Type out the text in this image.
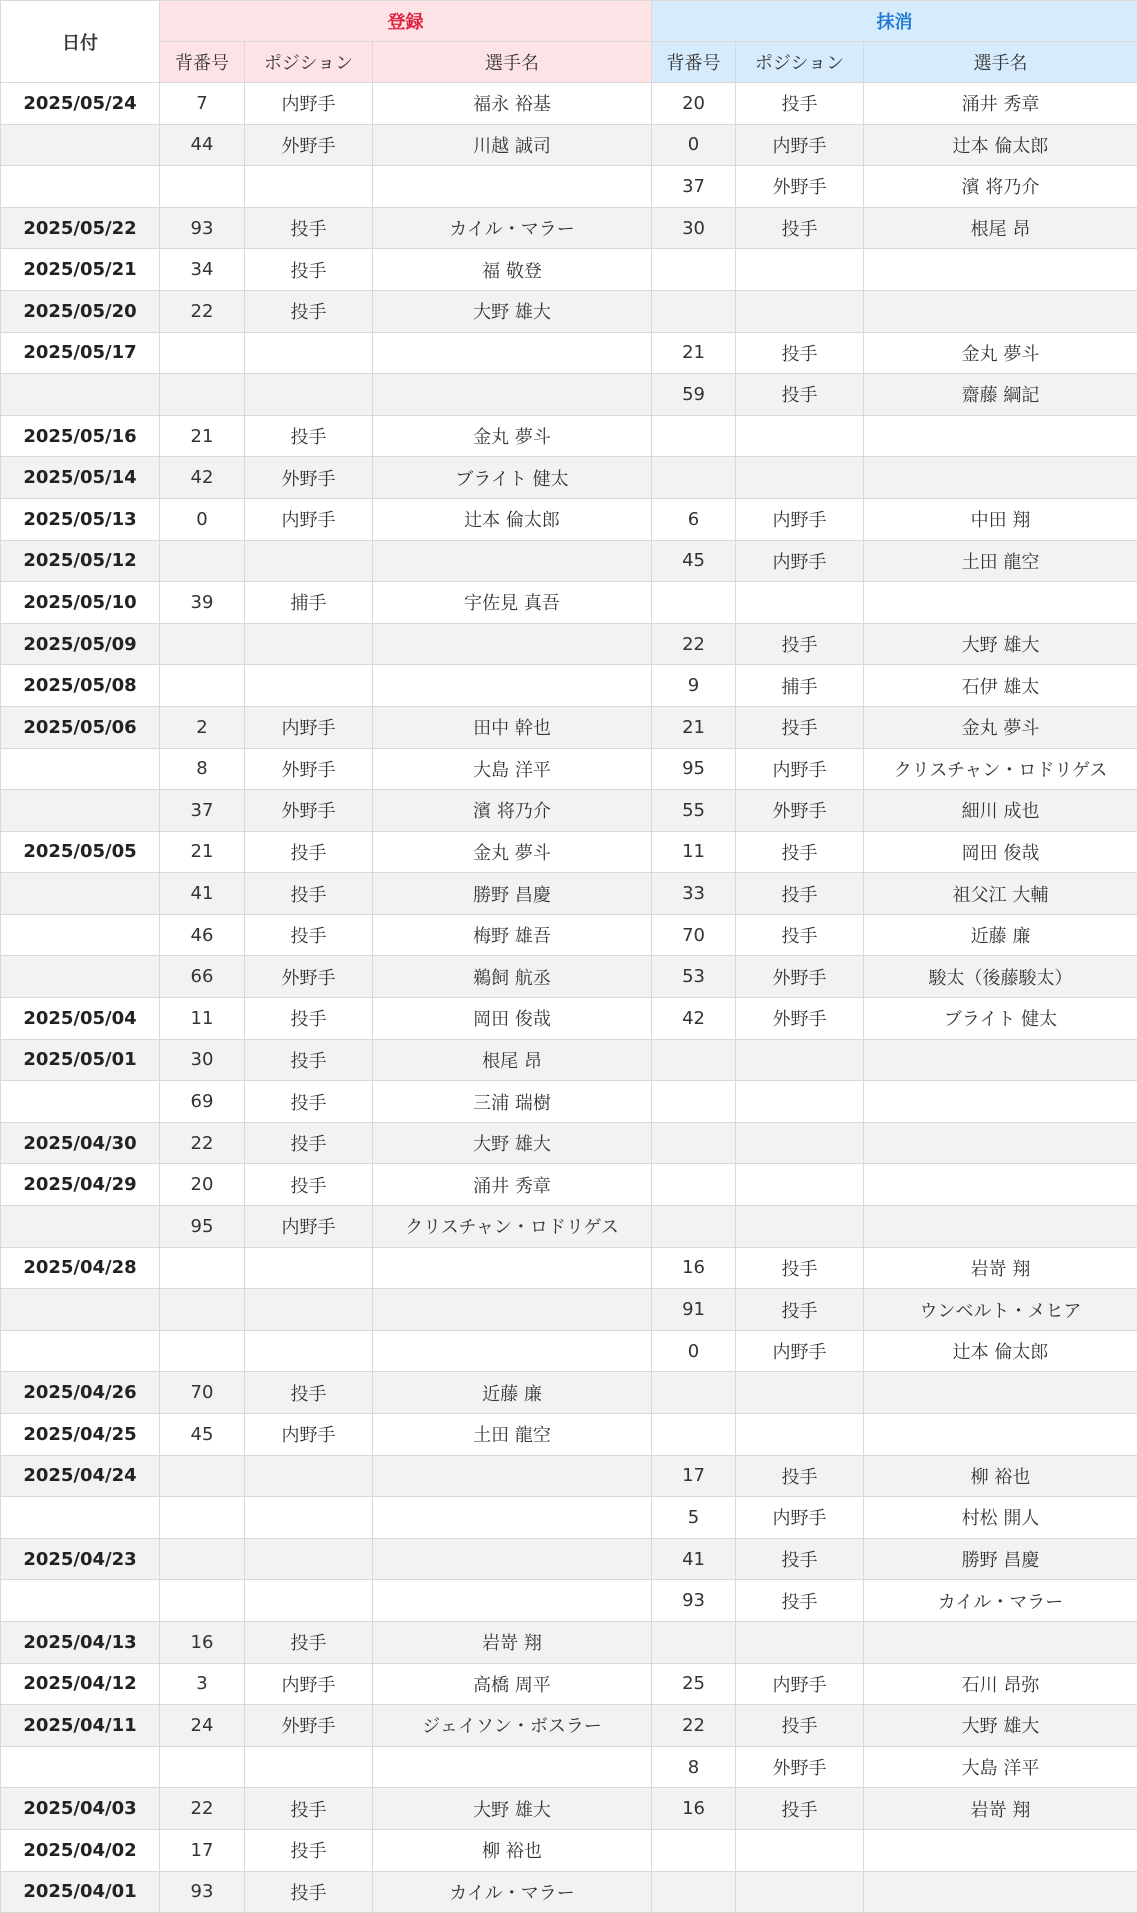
日付	登録			抹消		
	背番号	ポジション	選手名	背番号	ポジション	選手名
2025/05/24	7	内野手	福永 裕基	20	投手	涌井 秀章
	44	外野手	川越 誠司	0	内野手	辻本 倫太郎
				37	外野手	濱 将乃介
2025/05/22	93	投手	カイル・マラー	30	投手	根尾 昂
2025/05/21	34	投手	福 敬登			
2025/05/20	22	投手	大野 雄大			
2025/05/17				21	投手	金丸 夢斗
				59	投手	齋藤 綱記
2025/05/16	21	投手	金丸 夢斗			
2025/05/14	42	外野手	ブライト 健太			
2025/05/13	0	内野手	辻本 倫太郎	6	内野手	中田 翔
2025/05/12				45	内野手	土田 龍空
2025/05/10	39	捕手	宇佐見 真吾			
2025/05/09				22	投手	大野 雄大
2025/05/08				9	捕手	石伊 雄太
2025/05/06	2	内野手	田中 幹也	21	投手	金丸 夢斗
	8	外野手	大島 洋平	95	内野手	クリスチャン・ロドリゲス
	37	外野手	濱 将乃介	55	外野手	細川 成也
2025/05/05	21	投手	金丸 夢斗	11	投手	岡田 俊哉
	41	投手	勝野 昌慶	33	投手	祖父江 大輔
	46	投手	梅野 雄吾	70	投手	近藤 廉
	66	外野手	鵜飼 航丞	53	外野手	駿太（後藤駿太）
2025/05/04	11	投手	岡田 俊哉	42	外野手	ブライト 健太
2025/05/01	30	投手	根尾 昂			
	69	投手	三浦 瑞樹			
2025/04/30	22	投手	大野 雄大			
2025/04/29	20	投手	涌井 秀章			
	95	内野手	クリスチャン・ロドリゲス			
2025/04/28				16	投手	岩嵜 翔
				91	投手	ウンベルト・メヒア
				0	内野手	辻本 倫太郎
2025/04/26	70	投手	近藤 廉			
2025/04/25	45	内野手	土田 龍空			
2025/04/24				17	投手	柳 裕也
				5	内野手	村松 開人
2025/04/23				41	投手	勝野 昌慶
				93	投手	カイル・マラー
2025/04/13	16	投手	岩嵜 翔			
2025/04/12	3	内野手	高橋 周平	25	内野手	石川 昂弥
2025/04/11	24	外野手	ジェイソン・ボスラー	22	投手	大野 雄大
				8	外野手	大島 洋平
2025/04/03	22	投手	大野 雄大	16	投手	岩嵜 翔
2025/04/02	17	投手	柳 裕也			
2025/04/01	93	投手	カイル・マラー			
